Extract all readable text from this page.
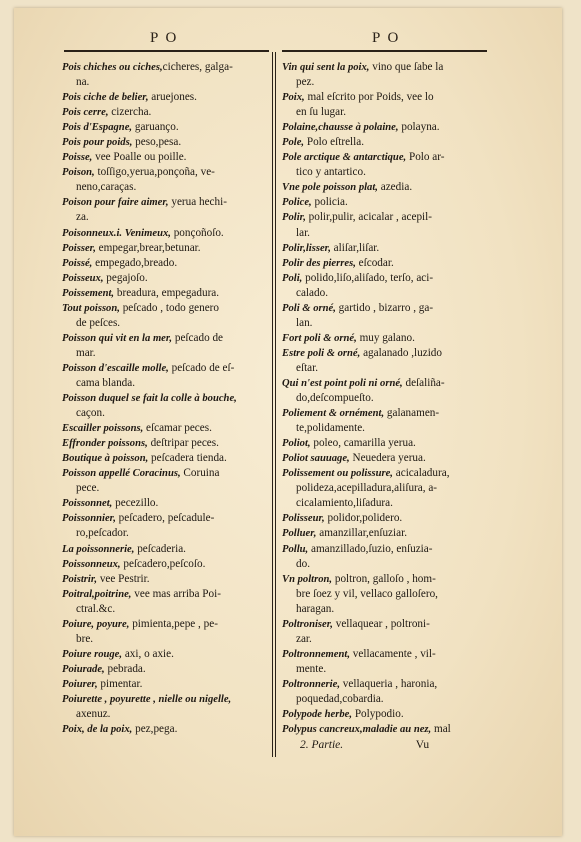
P O	P O
Pois chiches ou ciches,cicheres, galga-
na.
Pois ciche de belier, aruejones.
Pois cerre, cizercha.
Pois d'Espagne, garuanço.
Pois pour poids, peso,pesa.
Poisse, vee Poalle ou poille.
Poison, toſſigo,yerua,ponçoña, ve-
neno,caraças.
Poison pour faire aimer, yerua hechi-
za.
Poisonneux.i. Venimeux, ponçoñoſo.
Poisser, empegar,brear,betunar.
Poissé, empegado,breado.
Poisseux, pegajoſo.
Poissement, breadura, empegadura.
Tout poisson, peſcado , todo genero
de peſces.
Poisson qui vit en la mer, peſcado de
mar.
Poisson d'escaille molle, peſcado de eſ-
cama blanda.
Poisson duquel se fait la colle à bouche,
caçon.
Escailler poissons, eſcamar peces.
Effronder poissons, deſtripar peces.
Boutique à poisson, peſcadera tienda.
Poisson appellé Coracinus, Coruina
pece.
Poissonnet, pecezillo.
Poissonnier, peſcadero, peſcadule-
ro,peſcador.
La poissonnerie, peſcaderia.
Poissonneux, peſcadero,peſcoſo.
Poistrir, vee Pestrir.
Poitral,poitrine, vee mas arriba Poi-
ctral.&c.
Poiure, poyure, pimienta,pepe , pe-
bre.
Poiure rouge, axi, o axie.
Poiurade, pebrada.
Poiurer, pimentar.
Poiurette , poyurette , nielle ou nigelle,
axenuz.
Poix, de la poix, pez,pega.
Vin qui sent la poix, vino que ſabe la
pez.
Poix, mal eſcrito por Poids, vee lo
en ſu lugar.
Polaine,chausse à polaine, polayna.
Pole, Polo eſtrella.
Pole arctique & antarctique, Polo ar-
tico y antartico.
Vne pole poisson plat, azedia.
Police, policia.
Polir, polir,pulir, acicalar , acepil-
lar.
Polir,lisser, aliſar,liſar.
Polir des pierres, eſcodar.
Poli, polido,liſo,aliſado, terſo, aci-
calado.
Poli & orné, gartido , bizarro , ga-
lan.
Fort poli & orné, muy galano.
Estre poli & orné, agalanado ,luzido
eſtar.
Qui n'est point poli ni orné, deſaliña-
do,deſcompueſto.
Poliement & ornément, galanamen-
te,polidamente.
Poliot, poleo, camarilla yerua.
Poliot sauuage, Neuedera yerua.
Polissement ou polissure, acicaladura,
polideza,acepilladura,aliſura, a-
cicalamiento,liſadura.
Polisseur, polidor,polidero.
Polluer, amanzillar,enſuziar.
Pollu, amanzillado,ſuzio, enſuzia-
do.
Vn poltron, poltron, galloſo , hom-
bre ſoez y vil, vellaco galloſero,
haragan.
Poltroniser, vellaquear , poltroni-
zar.
Poltronnement, vellacamente , vil-
mente.
Poltronnerie, vellaqueria , haronia,
poquedad,cobardia.
Polypode herbe, Polypodio.
Polypus cancreux,maladie au nez, mal
2. Partie.	Vu
